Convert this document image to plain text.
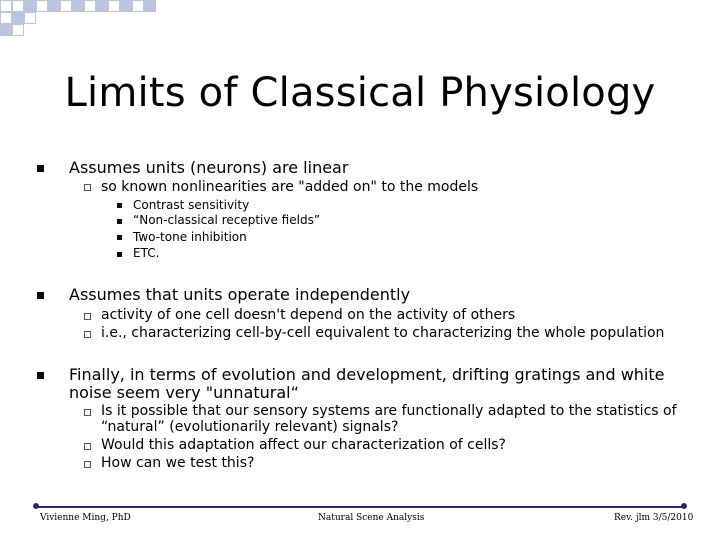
Limits of Classical Physiology
Assumes units (neurons) are linear
so known nonlinearities are "added on" to the models
Contrast sensitivity
“Non-classical receptive fields”
Two-tone inhibition
ETC.
Assumes that units operate independently
activity of one cell doesn't depend on the activity of others
i.e., characterizing cell-by-cell equivalent to characterizing the whole population
Finally, in terms of evolution and development, drifting gratings and white
noise seem very "unnatural“
Is it possible that our sensory systems are functionally adapted to the statistics of
“natural” (evolutionarily relevant) signals?
Would this adaptation affect our characterization of cells?
How can we test this?
Vivienne Ming, PhD	Natural Scene Analysis	Rev. jlm 3/5/2010
